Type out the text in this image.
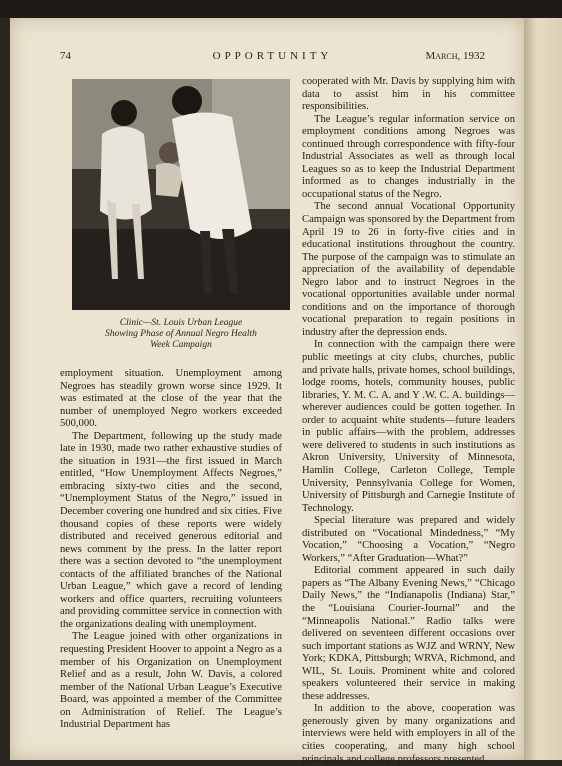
74	OPPORTUNITY	March, 1932
Clinic—St. Louis Urban League
Showing Phase of Annual Negro Health
Week Campaign

employment situation. Unemployment among Negroes has steadily grown worse since 1929. It was estimated at the close of the year that the number of unemployed Negro workers exceeded 500,000.

The Department, following up the study made late in 1930, made two rather exhaustive studies of the situation in 1931—the first issued in March entitled, “How Unemployment Affects Negroes,” embracing sixty-two cities and the second, “Unemployment Status of the Negro,” issued in December covering one hundred and six cities. Five thousand copies of these reports were widely distributed and received generous editorial and news comment by the press. In the latter report there was a section devoted to “the unemployment contacts of the affiliated branches of the National Urban League,” which gave a record of lending workers and office quarters, recruiting volunteers and providing committee service in connection with the organizations dealing with unemployment.

The League joined with other organizations in requesting President Hoover to appoint a Negro as a member of his Organization on Unemployment Relief and as a result, John W. Davis, a colored member of the National Urban League’s Executive Board, was appointed a member of the Committee on Administration of Relief. The League’s Industrial Department has

cooperated with Mr. Davis by supplying him with data to assist him in his committee responsibilities.

The League’s regular information service on employment conditions among Negroes was continued through correspondence with fifty-four Industrial Associates as well as through local Leagues so as to keep the Industrial Department informed as to changes industrially in the occupational status of the Negro.

The second annual Vocational Opportunity Campaign was sponsored by the Department from April 19 to 26 in forty-five cities and in educational institutions throughout the country. The purpose of the campaign was to stimulate an appreciation of the availability of dependable Negro labor and to instruct Negroes in the vocational opportunities available under normal conditions and on the importance of thorough vocational preparation to regain positions in industry after the depression ends.

In connection with the campaign there were public meetings at city clubs, churches, public and private halls, private homes, school buildings, lodge rooms, hotels, community houses, public libraries, Y. M. C. A. and Y .W. C. A. buildings—wherever audiences could be gotten together. In order to acquaint white students—future leaders in public affairs—with the problem, addresses were delivered to students in such institutions as Akron University, University of Minnesota, Hamlin College, Carleton College, Temple University, Pennsylvania College for Women, University of Pittsburgh and Carnegie Institute of Technology.

Special literature was prepared and widely distributed on “Vocational Mindedness,” “My Vocation,” “Choosing a Vocation,” “Negro Workers,” “After Graduation—What?”

Editorial comment appeared in such daily papers as “The Albany Evening News,” “Chicago Daily News,” the “Indianapolis (Indiana) Star,” the “Louisiana Courier-Journal” and the “Minneapolis National.” Radio talks were delivered on seventeen different occasions over such important stations as WJZ and WRNY, New York; KDKA, Pittsburgh; WRVA, Richmond, and WIL, St. Louis. Prominent white and colored speakers volunteered their service in making these addresses.

In addition to the above, cooperation was generously given by many organizations and interviews were held with employers in all of the cities cooperating, and many high school principals and college professors presented
